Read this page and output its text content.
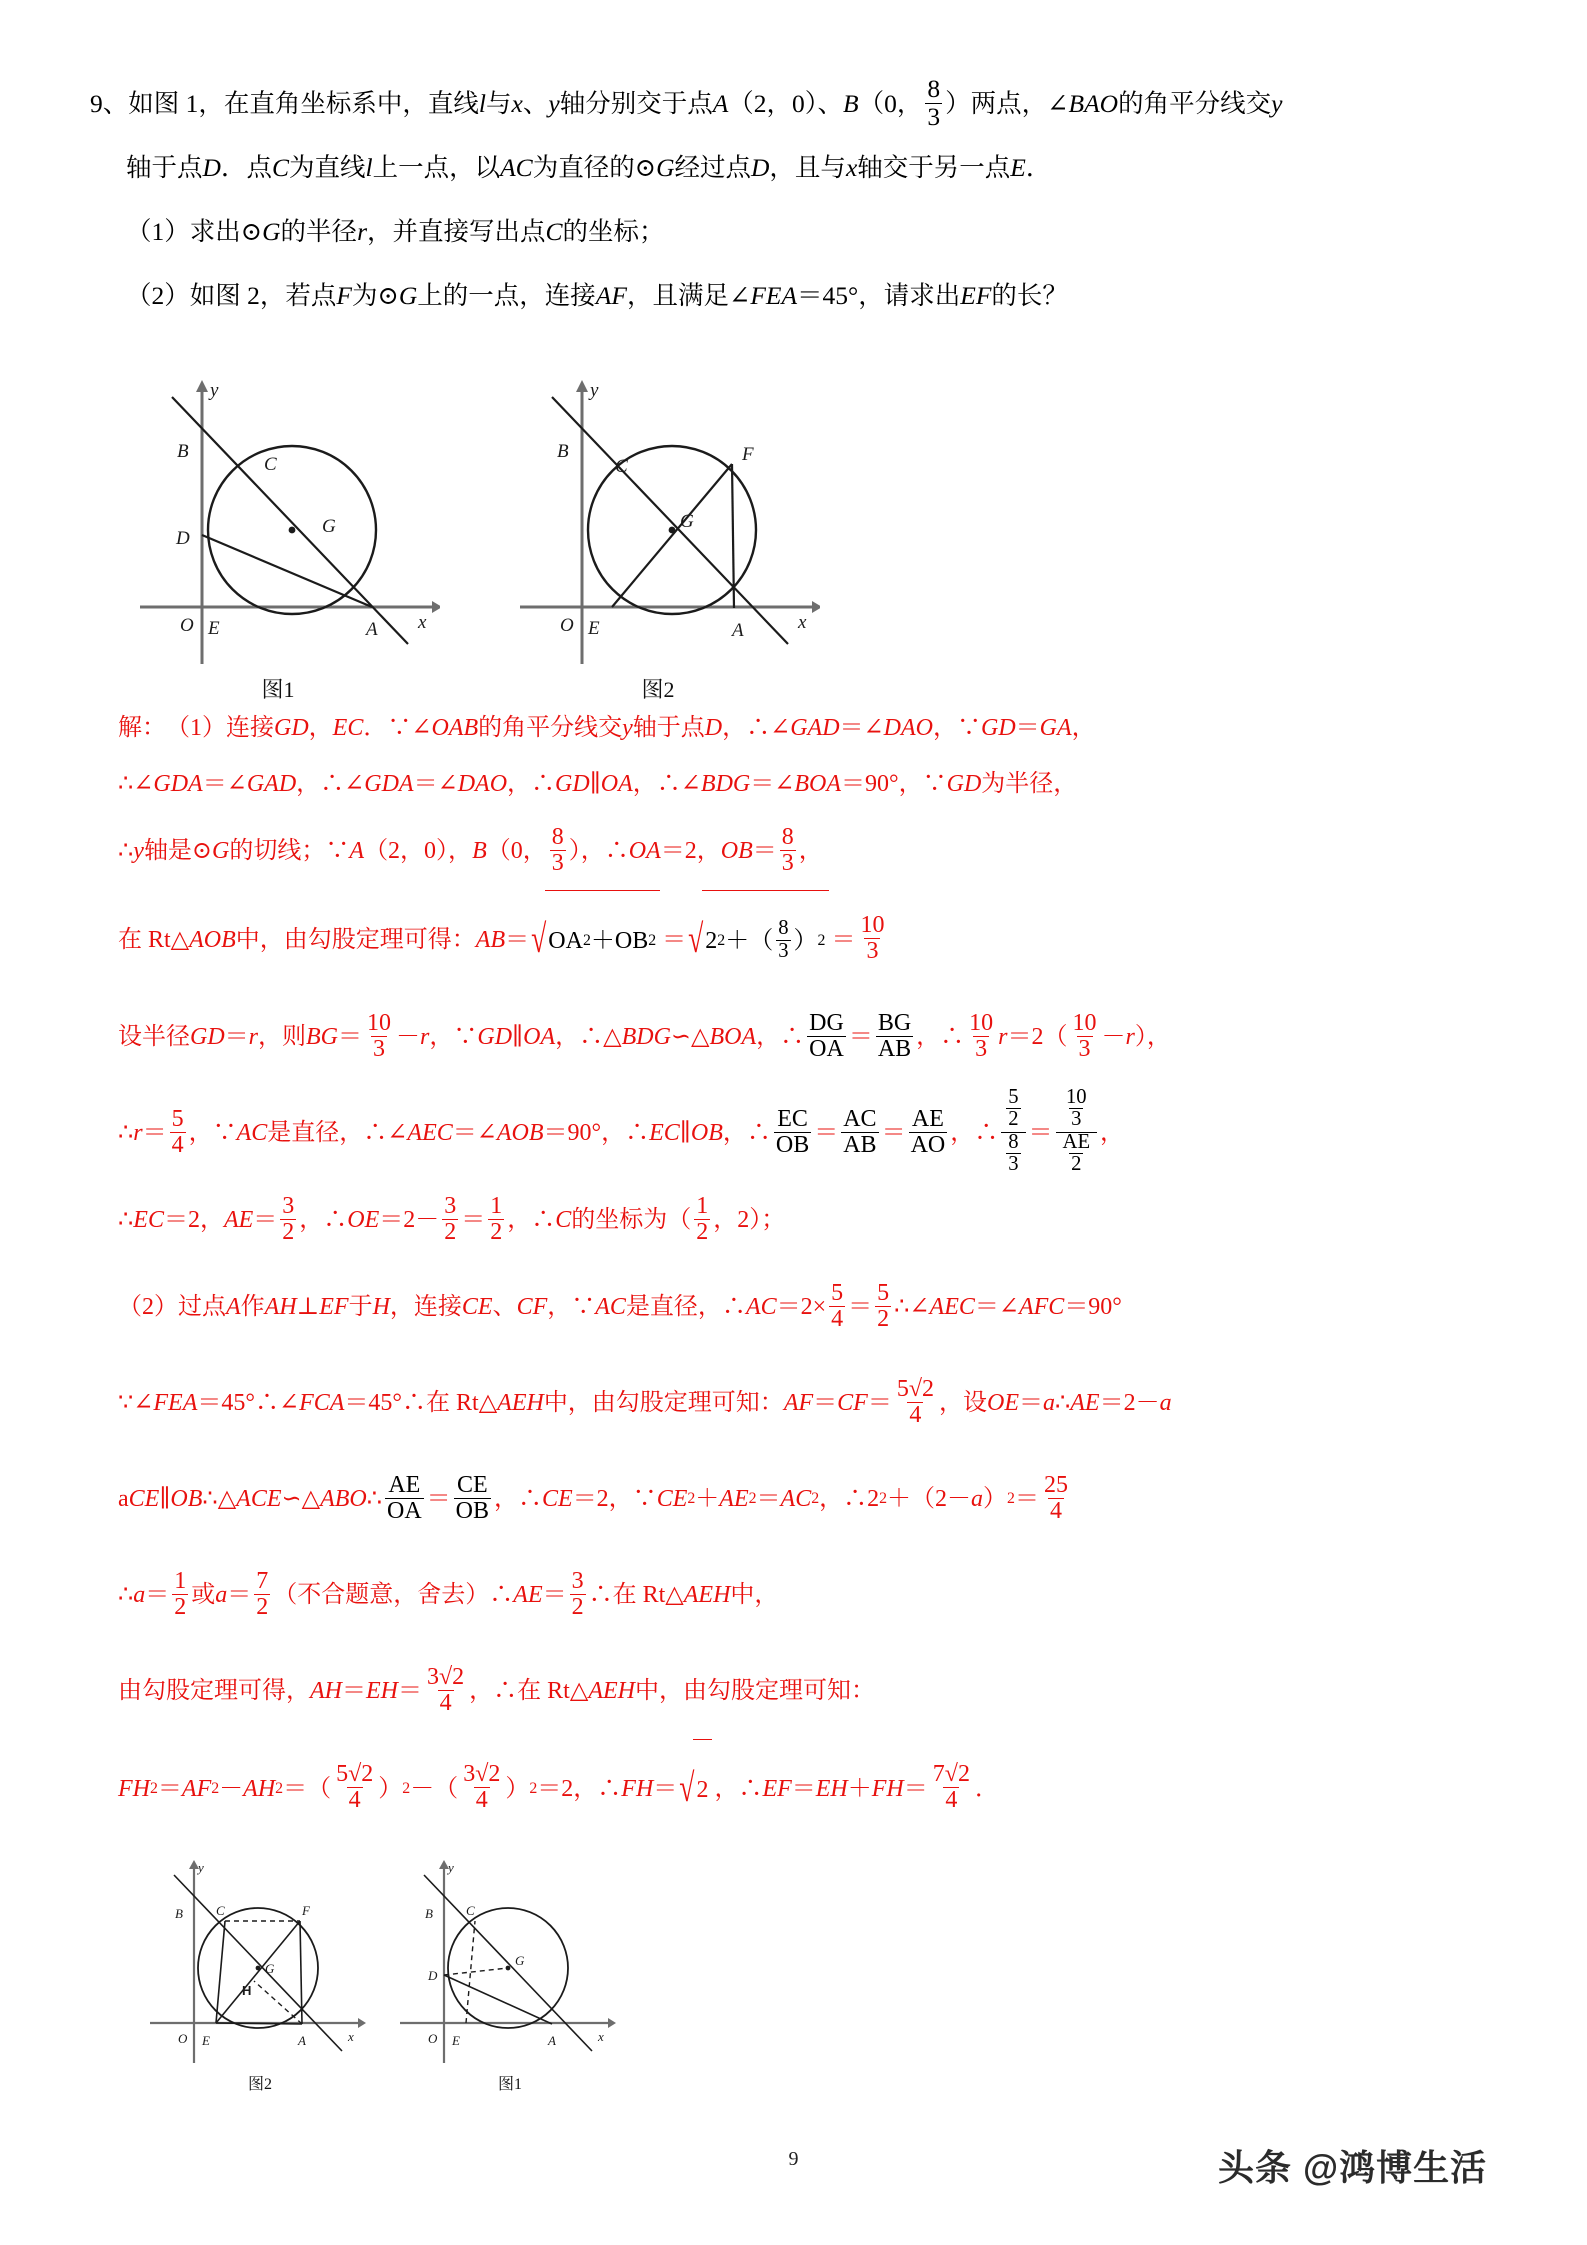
9、 如图 1，在直角坐标系中，直线 l 与 x 、 y 轴分别交于点 A （2，0）、 B （0， $\frac{8}{3}$ ）两点，∠ BAO 的角平分线交 y
轴于点 D ．点 C 为直线 l 上一点，以 AC 为直径的⊙ G 经过点 D ，且与 x 轴交于另一点 E ．
（1）求出⊙ G 的半径 r ，并直接写出点 C 的坐标；
（2）如图 2，若点 F 为⊙ G 上的一点，连接 AF ，且满足∠ FEA ＝45°，请求出 EF 的长？
y
x
O E	A
B
C
D
G
图1
y
x
O E	A
B
C
F
G
图2
解： （1）连接 GD ， EC ．∵∠ OAB 的角平分线交 y 轴于点 D ，∴∠ GAD ＝∠ DAO ，∵ GD ＝ GA ，
∴∠ GDA ＝∠ GAD ，∴∠ GDA ＝∠ DAO ，∴ GD ∥ OA ，∴∠ BDG ＝∠ BOA ＝90°，∵ GD 为半径，
∴ y 轴是⊙ G 的切线；∵ A （2，0）， B （0， $\frac{8}{3}$ ），∴ OA ＝2， OB ＝ $\frac{8}{3}$ ，
在 Rt△ AOB 中，由勾股定理可得： AB ＝ √ OA 2 ＋ OB 2 ＝ √ 2 2 ＋（ $\frac{8}{3}$ ） $2 = \frac{10}{3}$
设半径 GD ＝ r ，则 BG ＝ $\frac{10}{3} - r$ ，∵ GD ∥ OA ，∴△ BDG ∽ △ BOA ，∴ $\frac{DG}{OA} = \frac{BG}{AB}$ ，∴ $\frac{10}{3}$ $r =2( \frac{10}{3} - r$ ），
∴ $r = \frac{5}{4}$ ，∵ AC 是直径，∴∠ AEC ＝∠ AOB ＝90°，∴ EC ∥ OB ，∴ $\frac{EC}{OB} = \frac{AC}{AB} = \frac{AE}{AO}$ ，∴ $\frac{\frac{5}{2}}{\frac{8}{3}} = \frac{\frac{10}{3}}{\frac{AE}{2}}$ ，
∴ EC ＝2， AE ＝ $\frac{3}{2}$ ，∴ OE $=2- \frac{3}{2} = \frac{1}{2}$ ，∴ C 的坐标为（ $\frac{1}{2}$ ，2）；
（2）过点 A 作 AH ⊥ EF 于 H ，连接 CE 、 CF ，∵ AC 是直径，∴ AC $=2\times \frac{5}{4} = \frac{5}{2}$ ∴∠ AEC ＝∠ AFC ＝90°
∵∠ FEA ＝45°∴∠ FCA ＝45°∴在 Rt△ AEH 中，由勾股定理可知： AF ＝ CF ＝ $\frac{5√2}{4}$ ，设 OE ＝ a ∴ AE ＝2－ a
a CE ∥ OB ∴△ ACE ∽ △ ABO ∴ $\frac{AE}{OA} = \frac{CE}{OB}$ ，∴ CE ＝2，∵ CE 2 ＋ AE 2 ＝ AC 2 ，∴2 2 ＋（2－ a ） $2 = \frac{25}{4}$
∴ $a = \frac{1}{2}$ 或 $a = \frac{7}{2}$ （不合题意，舍去）∴ AE ＝ $\frac{3}{2}$ ∴在 Rt△ AEH 中，
由勾股定理可得， AH ＝ EH ＝ $\frac{3√2}{4}$ ，∴在 Rt△ AEH 中，由勾股定理可知：
FH 2 ＝ AF 2 － AH 2 ＝（ $\frac{5√2}{4}$ ） 2 －（ $\frac{3√2}{4}$ ） 2 ＝2，∴ FH ＝ √ 2 ，∴ EF ＝ EH ＋ FH ＝ $\frac{7√2}{4}$ ．
y
x
O E	A
B	C	F
G
H
图2
y
x
O E	A
B	C
D
G
图1
9	头条 @鸿博生活
